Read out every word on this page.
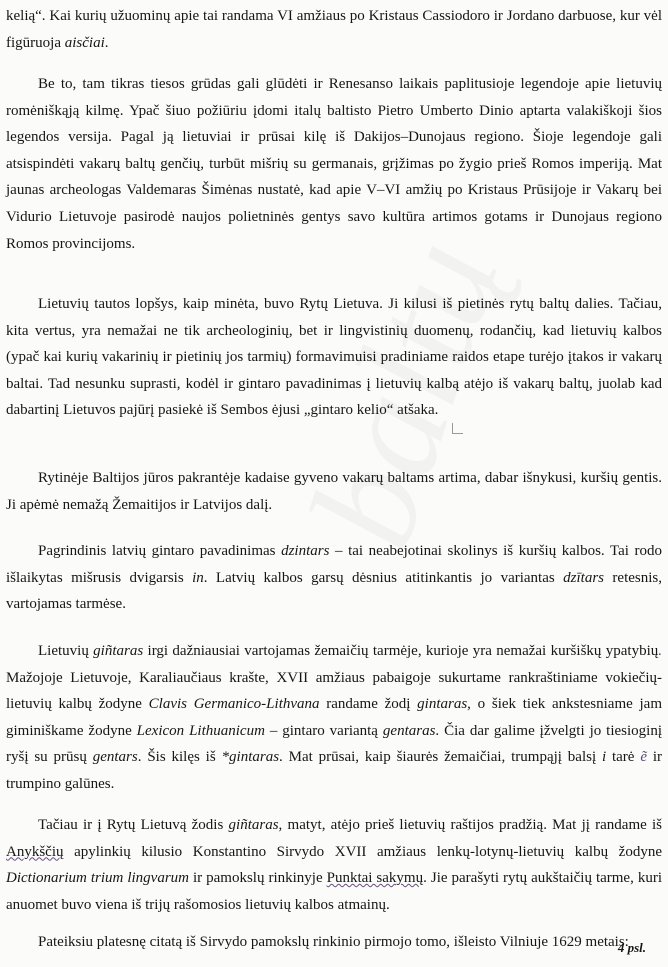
kelią“. Kai kurių užuominų apie tai randama VI amžiaus po Kristaus Cassiodoro ir Jordano darbuose, kur vėl figūruoja aisčiai.

Be to, tam tikras tiesos grūdas gali glūdėti ir Renesanso laikais paplitusioje legendoje apie lietuvių romėniškąją kilmę. Ypač šiuo požiūriu įdomi italų baltisto Pietro Umberto Dinio aptarta valakiškoji šios legendos versija. Pagal ją lietuviai ir prūsai kilę iš Dakijos–Dunojaus regiono. Šioje legendoje gali atsispindėti vakarų baltų genčių, turbūt mišrių su germanais, grįžimas po žygio prieš Romos imperiją. Mat jaunas archeologas Valdemaras Šimėnas nustatė, kad apie V–VI amžių po Kristaus Prūsijoje ir Vakarų bei Vidurio Lietuvoje pasirodė naujos polietninės gentys savo kultūra artimos gotams ir Dunojaus regiono Romos provincijoms.

Lietuvių tautos lopšys, kaip minėta, buvo Rytų Lietuva. Ji kilusi iš pietinės rytų baltų dalies. Tačiau, kita vertus, yra nemažai ne tik archeologinių, bet ir lingvistinių duomenų, rodančių, kad lietuvių kalbos (ypač kai kurių vakarinių ir pietinių jos tarmių) formavimuisi pradiniame raidos etape turėjo įtakos ir vakarų baltai. Tad nesunku suprasti, kodėl ir gintaro pavadinimas į lietuvių kalbą atėjo iš vakarų baltų, juolab kad dabartinį Lietuvos pajūrį pasiekė iš Sembos ėjusi „gintaro kelio“ atšaka.

Rytinėje Baltijos jūros pakrantėje kadaise gyveno vakarų baltams artima, dabar išnykusi, kuršių gentis. Ji apėmė nemažą Žemaitijos ir Latvijos dalį.

Pagrindinis latvių gintaro pavadinimas dzintars – tai neabejotinai skolinys iš kuršių kalbos. Tai rodo išlaikytas mišrusis dvigarsis in. Latvių kalbos garsų dėsnius atitinkantis jo variantas dzītars retesnis, vartojamas tarmėse.

Lietuvių giñtaras irgi dažniausiai vartojamas žemaičių tarmėje, kurioje yra nemažai kuršiškų ypatybių. Mažojoje Lietuvoje, Karaliaučiaus krašte, XVII amžiaus pabaigoje sukurtame rankraštiniame vokiečių-lietuvių kalbų žodyne Clavis Germanico-Lithvana randame žodį gintaras, o šiek tiek ankstesniame jam giminiškame žodyne Lexicon Lithuanicum – gintaro variantą gentaras. Čia dar galime įžvelgti jo tiesioginį ryšį su prūsų gentars. Šis kilęs iš *gintaras. Mat prūsai, kaip šiaurės žemaičiai, trumpąjį balsį i tarė ẽ ir trumpino galūnes.

Tačiau ir į Rytų Lietuvą žodis giñtaras, matyt, atėjo prieš lietuvių raštijos pradžią. Mat jį randame iš Anykščių apylinkių kilusio Konstantino Sirvydo XVII amžiaus lenkų-lotynų-lietuvių kalbų žodyne Dictionarium trium lingvarum ir pamokslų rinkinyje Punktai sakymų. Jie parašyti rytų aukštaičių tarme, kuri anuomet buvo viena iš trijų rašomosios lietuvių kalbos atmainų.

Pateiksiu platesnę citatą iš Sirvydo pamokslų rinkinio pirmojo tomo, išleisto Vilniuje 1629 metais:

4 psl.
